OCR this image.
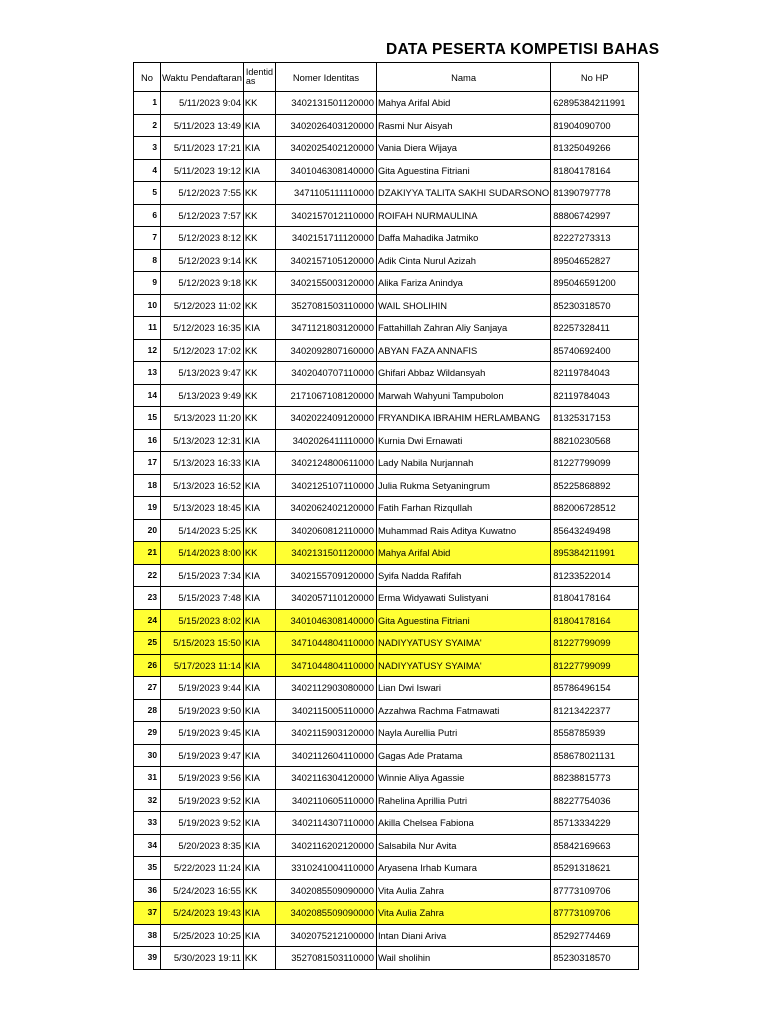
DATA PESERTA KOMPETISI BAHAS
No	Waktu Pendaftaran	Identid as	Nomer Identitas	Nama	No HP
1	5/11/2023 9:04	KK	3402131501120000	Mahya Arifal Abid	62895384211991
2	5/11/2023 13:49	KIA	3402026403120000	Rasmi Nur Aisyah	81904090700
3	5/11/2023 17:21	KIA	3402025402120000	Vania Diera Wijaya	81325049266
4	5/11/2023 19:12	KIA	3401046308140000	Gita Aguestina Fitriani	81804178164
5	5/12/2023 7:55	KK	3471105111110000	DZAKIYYA TALITA SAKHI SUDARSONO	81390797778
6	5/12/2023 7:57	KK	3402157012110000	ROIFAH NURMAULINA	88806742997
7	5/12/2023 8:12	KK	3402151711120000	Daffa Mahadika Jatmiko	82227273313
8	5/12/2023 9:14	KK	3402157105120000	Adik Cinta Nurul Azizah	89504652827
9	5/12/2023 9:18	KK	3402155003120000	Alika Fariza Anindya	895046591200
10	5/12/2023 11:02	KK	3527081503110000	WAIL SHOLIHIN	85230318570
11	5/12/2023 16:35	KIA	3471121803120000	Fattahillah Zahran Aliy Sanjaya	82257328411
12	5/12/2023 17:02	KK	3402092807160000	ABYAN FAZA ANNAFIS	85740692400
13	5/13/2023 9:47	KK	3402040707110000	Ghifari Abbaz Wildansyah	82119784043
14	5/13/2023 9:49	KK	2171067108120000	Marwah Wahyuni Tampubolon	82119784043
15	5/13/2023 11:20	KK	3402022409120000	FRYANDIKA IBRAHIM HERLAMBANG	81325317153
16	5/13/2023 12:31	KIA	3402026411110000	Kurnia Dwi Ernawati	88210230568
17	5/13/2023 16:33	KIA	3402124800611000	Lady Nabila Nurjannah	81227799099
18	5/13/2023 16:52	KIA	3402125107110000	Julia Rukma Setyaningrum	85225868892
19	5/13/2023 18:45	KIA	3402062402120000	Fatih Farhan Rizqullah	882006728512
20	5/14/2023 5:25	KK	3402060812110000	Muhammad Rais Aditya Kuwatno	85643249498
21	5/14/2023 8:00	KK	3402131501120000	Mahya Arifal Abid	895384211991
22	5/15/2023 7:34	KIA	3402155709120000	Syifa Nadda Rafifah	81233522014
23	5/15/2023 7:48	KIA	3402057110120000	Erma Widyawati Sulistyani	81804178164
24	5/15/2023 8:02	KIA	3401046308140000	Gita Aguestina Fitriani	81804178164
25	5/15/2023 15:50	KIA	3471044804110000	NADIYYATUSY SYAIMA'	81227799099
26	5/17/2023 11:14	KIA	3471044804110000	NADIYYATUSY SYAIMA'	81227799099
27	5/19/2023 9:44	KIA	3402112903080000	Lian Dwi Iswari	85786496154
28	5/19/2023 9:50	KIA	3402115005110000	Azzahwa Rachma Fatmawati	81213422377
29	5/19/2023 9:45	KIA	3402115903120000	Nayla Aurellia Putri	8558785939
30	5/19/2023 9:47	KIA	3402112604110000	Gagas Ade Pratama	858678021131
31	5/19/2023 9:56	KIA	3402116304120000	Winnie Aliya Agassie	88238815773
32	5/19/2023 9:52	KIA	3402110605110000	Rahelina Aprillia Putri	88227754036
33	5/19/2023 9:52	KIA	3402114307110000	Akilla Chelsea Fabiona	85713334229
34	5/20/2023 8:35	KIA	3402116202120000	Salsabila Nur Avita	85842169663
35	5/22/2023 11:24	KIA	3310241004110000	Aryasena Irhab Kumara	85291318621
36	5/24/2023 16:55	KK	3402085509090000	Vita Aulia Zahra	87773109706
37	5/24/2023 19:43	KIA	3402085509090000	Vita Aulia Zahra	87773109706
38	5/25/2023 10:25	KIA	3402075212100000	Intan Diani Ariva	85292774469
39	5/30/2023 19:11	KK	3527081503110000	Wail sholihin	85230318570
